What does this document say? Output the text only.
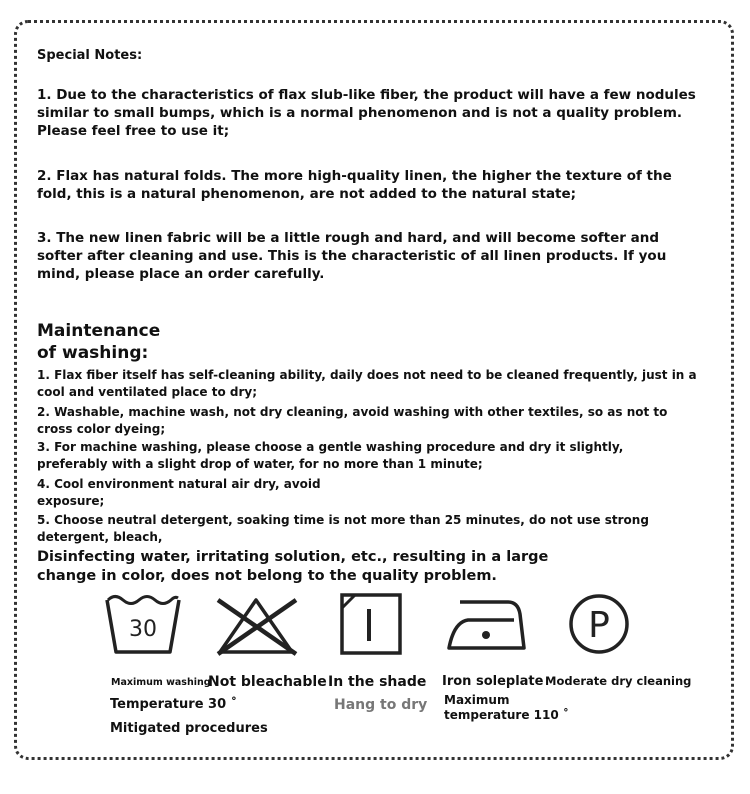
Special Notes:

1. Due to the characteristics of flax slub-like fiber, the product will have a few nodules similar to small bumps, which is a normal phenomenon and is not a quality problem. Please feel free to use it;

2. Flax has natural folds. The more high-quality linen, the higher the texture of the fold, this is a natural phenomenon, are not added to the natural state;

3. The new linen fabric will be a little rough and hard, and will become softer and softer after cleaning and use. This is the characteristic of all linen products. If you mind, please place an order carefully.

Maintenance
of washing:

1. Flax fiber itself has self-cleaning ability, daily does not need to be cleaned frequently, just in a cool and ventilated place to dry;

2. Washable, machine wash, not dry cleaning, avoid washing with other textiles, so as not to
cross color dyeing;

3. For machine washing, please choose a gentle washing procedure and dry it slightly, preferably with a slight drop of water, for no more than 1 minute;

4. Cool environment natural air dry, avoid
exposure;

5. Choose neutral detergent, soaking time is not more than 25 minutes, do not use strong detergent, bleach,

Disinfecting water, irritating solution, etc., resulting in a large change in color, does not belong to the quality problem.

30	P

Maximum washing

Temperature 30 ˚

Mitigated procedures

Not bleachable In the shade

Hang to dry

Iron soleplate

Maximum

temperature 110 ˚

Moderate dry cleaning
